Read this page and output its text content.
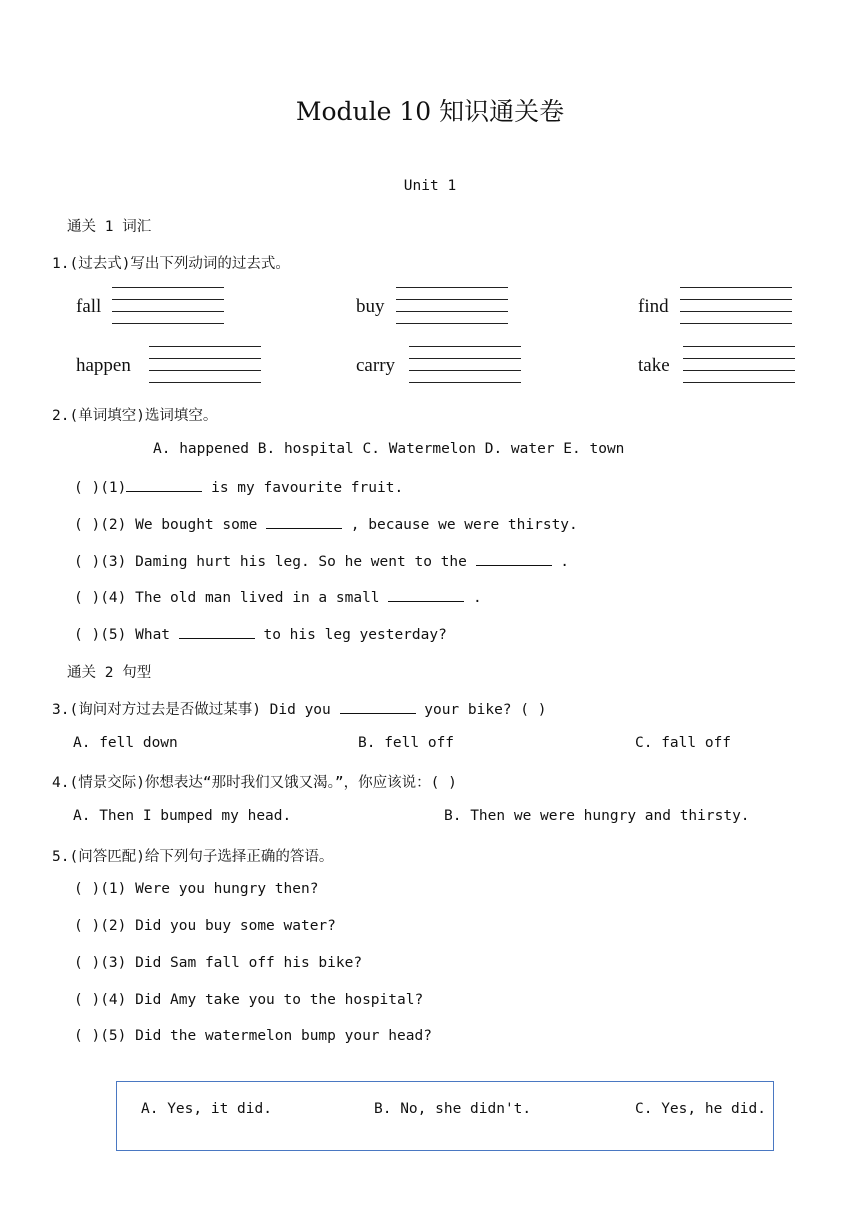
Module 10 知识通关卷
Unit 1
通关 1 词汇
1.(过去式)写出下列动词的过去式。
fall	buy	find
happen	carry	take
2.(单词填空)选词填空。
A. happened B. hospital C. Watermelon D. water E. town
( )(1)	is my favourite fruit.
( )(2) We bought some	, because we were thirsty.
( )(3) Daming hurt his leg. So he went to the	.
( )(4) The old man lived in a small	.
( )(5) What	to his leg yesterday?
通关 2 句型
3.(询问对方过去是否做过某事) Did you	your bike? ( )
A. fell down	B. fell off	C. fall off
4.(情景交际)你想表达“那时我们又饿又渴。”，你应该说：( )
A. Then I bumped my head.	B. Then we were hungry and thirsty.
5.(问答匹配)给下列句子选择正确的答语。
( )(1) Were you hungry then?
( )(2) Did you buy some water?
( )(3) Did Sam fall off his bike?
( )(4) Did Amy take you to the hospital?
( )(5) Did the watermelon bump your head?
A. Yes, it did.	B. No, she didn't.	C. Yes, he did.
